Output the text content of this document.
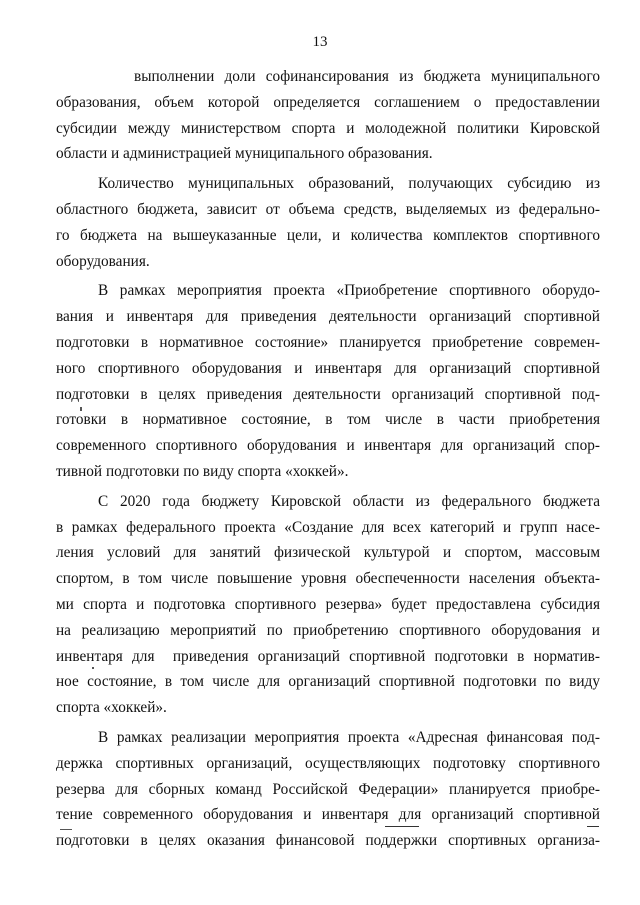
13
выполнении доли софинансирования из бюджета муниципального
образования, объем которой определяется соглашением о предоставлении
субсидии между министерством спорта и молодежной политики Кировской
области и администрацией муниципального образования.
Количество муниципальных образований, получающих субсидию из
областного бюджета, зависит от объема средств, выделяемых из федерально-
го бюджета на вышеуказанные цели, и количества комплектов спортивного
оборудования.
В рамках мероприятия проекта «Приобретение спортивного оборудо-
вания и инвентаря для приведения деятельности организаций спортивной
подготовки в нормативное состояние» планируется приобретение современ-
ного спортивного оборудования и инвентаря для организаций спортивной
подготовки в целях приведения деятельности организаций спортивной под-
готовки в нормативное состояние, в том числе в части приобретения
современного спортивного оборудования и инвентаря для организаций спор-
тивной подготовки по виду спорта «хоккей».
С 2020 года бюджету Кировской области из федерального бюджета
в рамках федерального проекта «Создание для всех категорий и групп насе-
ления условий для занятий физической культурой и спортом, массовым
спортом, в том числе повышение уровня обеспеченности населения объекта-
ми спорта и подготовка спортивного резерва» будет предоставлена субсидия
на реализацию мероприятий по приобретению спортивного оборудования и
инвентаря для  приведения организаций спортивной подготовки в норматив-
ное состояние, в том числе для организаций спортивной подготовки по виду
спорта «хоккей».
В рамках реализации мероприятия проекта «Адресная финансовая под-
держка спортивных организаций, осуществляющих подготовку спортивного
резерва для сборных команд Российской Федерации» планируется приобре-
тение современного оборудования и инвентаря для организаций спортивной
подготовки в целях оказания финансовой поддержки спортивных организа-
